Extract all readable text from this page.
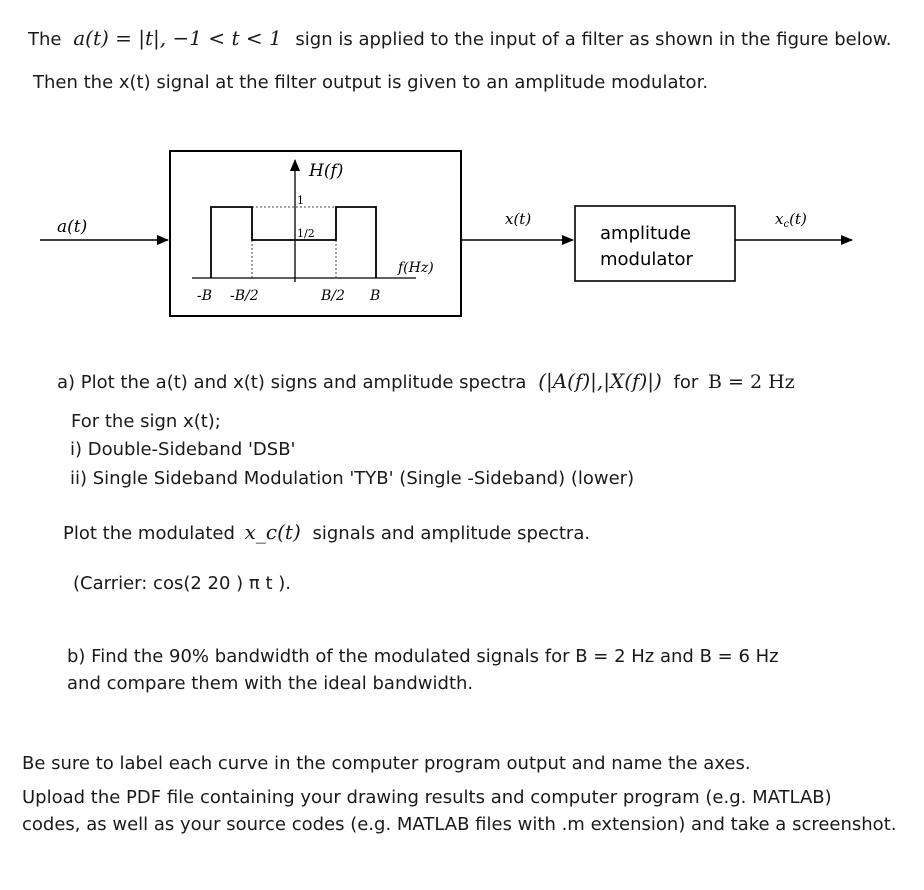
The a(t) = |t|, −1 < t < 1 sign is applied to the input of a filter as shown in the figure below.
Then the x(t) signal at the filter output is given to an amplitude modulator.
a(t)
H(f)
f(Hz)
1
1/2
-B -B/2	B/2 B
x(t)
amplitude
modulator
$x_c(t)$
a) Plot the a(t) and x(t) signs and amplitude spectra (|A(f)|,|X(f)|) for B = 2 Hz
For the sign x(t);
i) Double-Sideband 'DSB'
ii) Single Sideband Modulation 'TYB' (Single -Sideband) (lower)
Plot the modulated x_c(t) signals and amplitude spectra.
(Carrier: cos(2 20 ) π t ).
b) Find the 90% bandwidth of the modulated signals for B = 2 Hz and B = 6 Hz
and compare them with the ideal bandwidth.
Be sure to label each curve in the computer program output and name the axes.
Upload the PDF file containing your drawing results and computer program (e.g. MATLAB)
codes, as well as your source codes (e.g. MATLAB files with .m extension) and take a screenshot.
